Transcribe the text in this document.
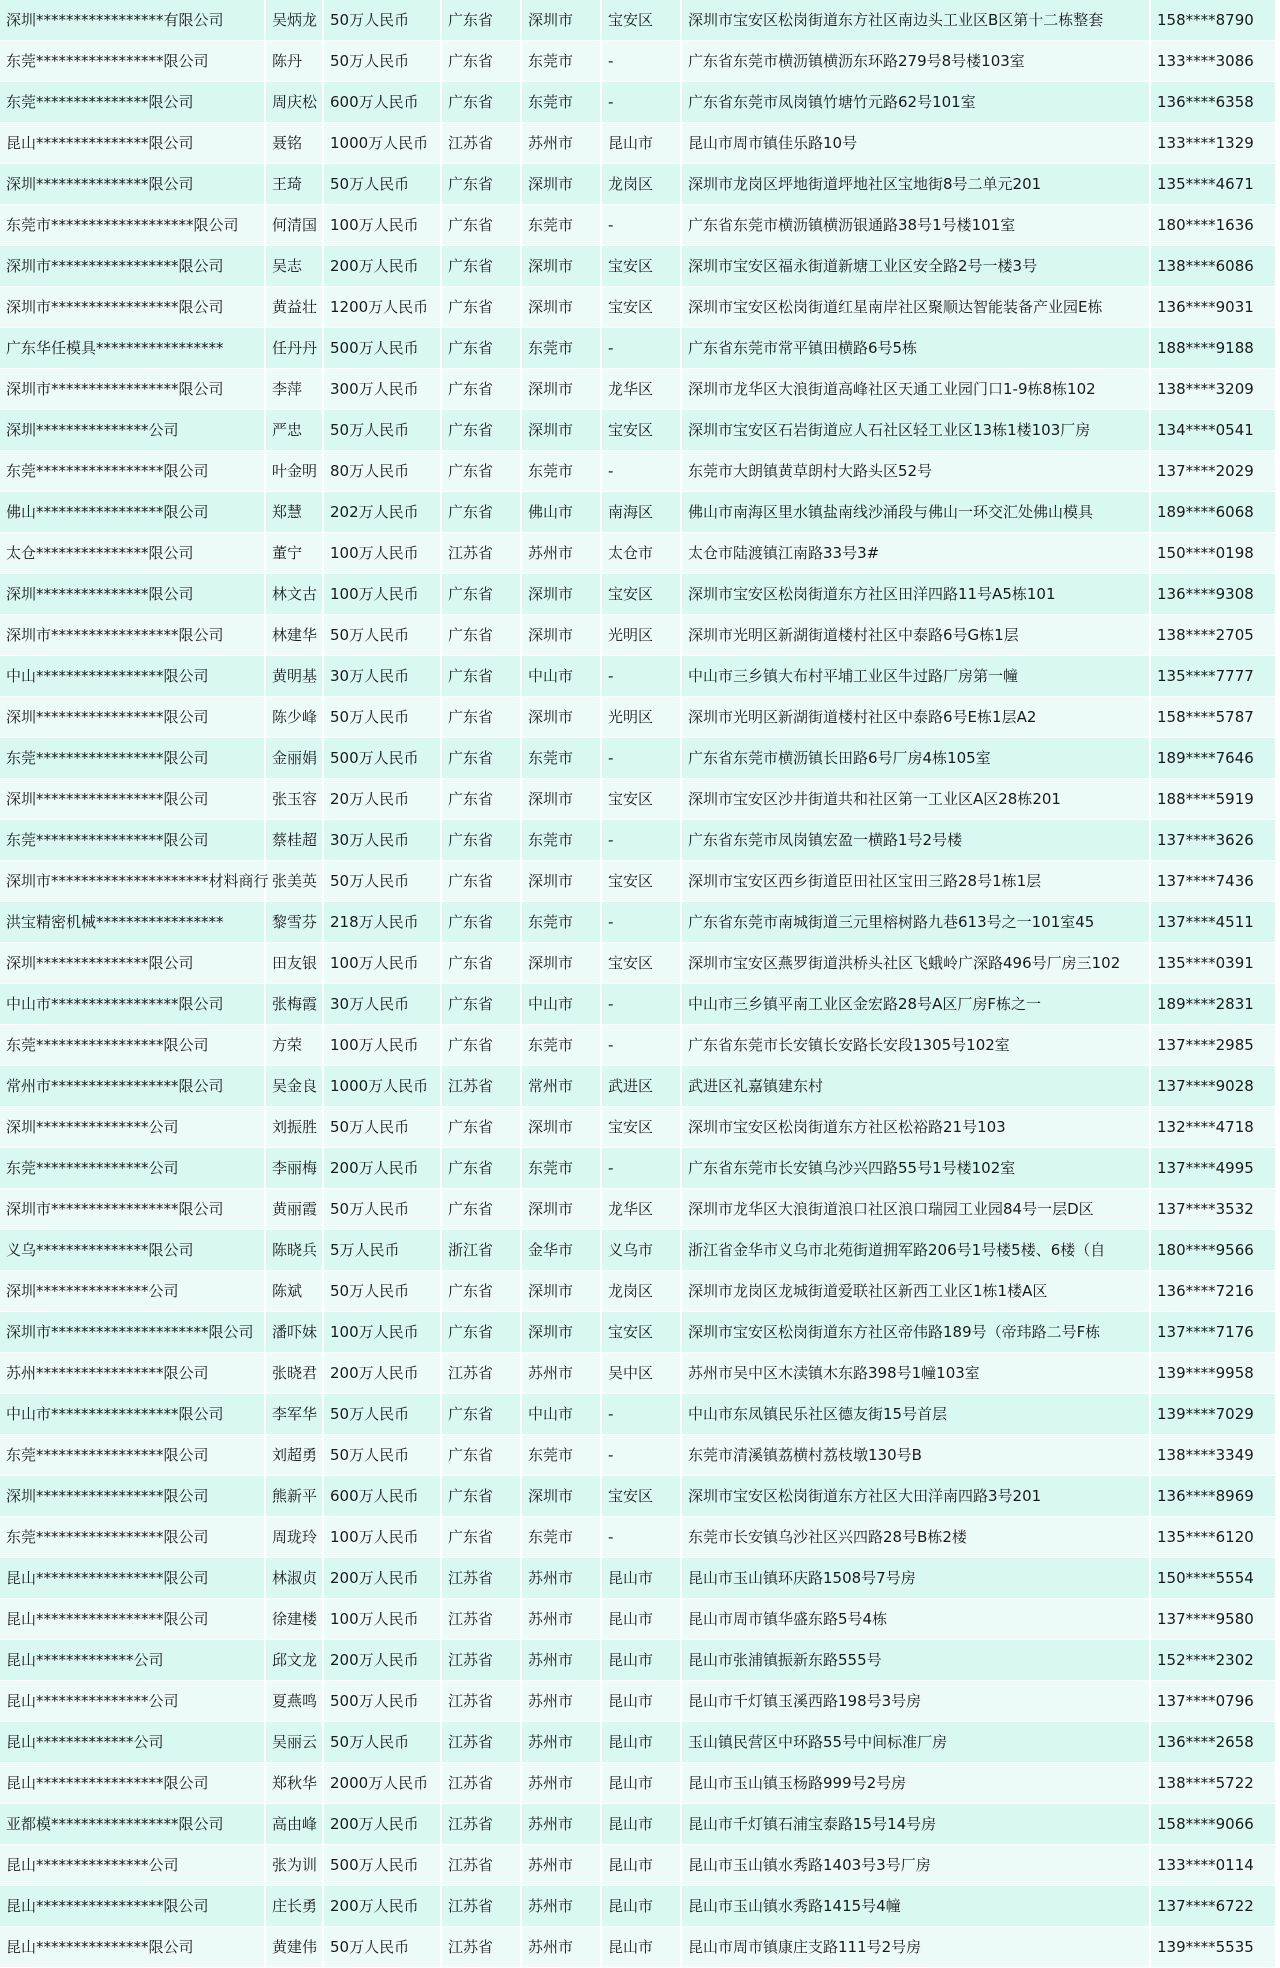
深圳*****************有限公司	吴炳龙 50万人民币	广东省	深圳市	宝安区	深圳市宝安区松岗街道东方社区南边头工业区B区第十二栋整套	158****8790
东莞*****************限公司	陈丹	50万人民币	广东省	东莞市	-	广东省东莞市横沥镇横沥东环路279号8号楼103室	133****3086
东莞***************限公司	周庆松 600万人民币	广东省	东莞市	-	广东省东莞市凤岗镇竹塘竹元路62号101室	136****6358
昆山***************限公司	聂铭	1000万人民币	江苏省	苏州市	昆山市	昆山市周市镇佳乐路10号	133****1329
深圳***************限公司	王琦	50万人民币	广东省	深圳市	龙岗区	深圳市龙岗区坪地街道坪地社区宝地街8号二单元201	135****4671
东莞市*******************限公司	何清国 100万人民币	广东省	东莞市	-	广东省东莞市横沥镇横沥银通路38号1号楼101室	180****1636
深圳市*****************限公司	吴志	200万人民币	广东省	深圳市	宝安区	深圳市宝安区福永街道新塘工业区安全路2号一楼3号	138****6086
深圳市*****************限公司	黄益壮 1200万人民币	广东省	深圳市	宝安区	深圳市宝安区松岗街道红星南岸社区聚顺达智能装备产业园E栋	136****9031
广东华任模具*****************	任丹丹 500万人民币	广东省	东莞市	-	广东省东莞市常平镇田横路6号5栋	188****9188
深圳市*****************限公司	李萍	300万人民币	广东省	深圳市	龙华区	深圳市龙华区大浪街道高峰社区天通工业园门口1-9栋8栋102	138****3209
深圳***************公司	严忠	50万人民币	广东省	深圳市	宝安区	深圳市宝安区石岩街道应人石社区轻工业区13栋1楼103厂房	134****0541
东莞*****************限公司	叶金明 80万人民币	广东省	东莞市	-	东莞市大朗镇黄草朗村大路头区52号	137****2029
佛山*****************限公司	郑慧	202万人民币	广东省	佛山市	南海区	佛山市南海区里水镇盐南线沙涌段与佛山一环交汇处佛山模具	189****6068
太仓***************限公司	董宁	100万人民币	江苏省	苏州市	太仓市	太仓市陆渡镇江南路33号3#	150****0198
深圳***************限公司	林文古 100万人民币	广东省	深圳市	宝安区	深圳市宝安区松岗街道东方社区田洋四路11号A5栋101	136****9308
深圳市*****************限公司	林建华 50万人民币	广东省	深圳市	光明区	深圳市光明区新湖街道楼村社区中泰路6号G栋1层	138****2705
中山*****************限公司	黄明基 30万人民币	广东省	中山市	-	中山市三乡镇大布村平埔工业区牛过路厂房第一幢	135****7777
深圳*****************限公司	陈少峰 50万人民币	广东省	深圳市	光明区	深圳市光明区新湖街道楼村社区中泰路6号E栋1层A2	158****5787
东莞*****************限公司	金丽娟 500万人民币	广东省	东莞市	-	广东省东莞市横沥镇长田路6号厂房4栋105室	189****7646
深圳*****************限公司	张玉容 20万人民币	广东省	深圳市	宝安区	深圳市宝安区沙井街道共和社区第一工业区A区28栋201	188****5919
东莞*****************限公司	蔡桂超 30万人民币	广东省	东莞市	-	广东省东莞市凤岗镇宏盈一横路1号2号楼	137****3626
深圳市*********************材料商行 张美英 50万人民币	广东省	深圳市	宝安区	深圳市宝安区西乡街道臣田社区宝田三路28号1栋1层	137****7436
洪宝精密机械*****************	黎雪芬 218万人民币	广东省	东莞市	-	广东省东莞市南城街道三元里榕树路九巷613号之一101室45	137****4511
深圳***************限公司	田友银 100万人民币	广东省	深圳市	宝安区	深圳市宝安区燕罗街道洪桥头社区飞蛾岭广深路496号厂房三102	135****0391
中山市*****************限公司	张梅霞 30万人民币	广东省	中山市	-	中山市三乡镇平南工业区金宏路28号A区厂房F栋之一	189****2831
东莞*****************限公司	方荣	100万人民币	广东省	东莞市	-	广东省东莞市长安镇长安路长安段1305号102室	137****2985
常州市*****************限公司	吴金良 1000万人民币	江苏省	常州市	武进区	武进区礼嘉镇建东村	137****9028
深圳***************公司	刘振胜 50万人民币	广东省	深圳市	宝安区	深圳市宝安区松岗街道东方社区松裕路21号103	132****4718
东莞***************公司	李丽梅 200万人民币	广东省	东莞市	-	广东省东莞市长安镇乌沙兴四路55号1号楼102室	137****4995
深圳市*****************限公司	黄丽霞 50万人民币	广东省	深圳市	龙华区	深圳市龙华区大浪街道浪口社区浪口瑞园工业园84号一层D区	137****3532
义乌***************限公司	陈晓兵 5万人民币	浙江省	金华市	义乌市	浙江省金华市义乌市北苑街道拥军路206号1号楼5楼、6楼（自	180****9566
深圳***************公司	陈斌	50万人民币	广东省	深圳市	龙岗区	深圳市龙岗区龙城街道爱联社区新西工业区1栋1楼A区	136****7216
深圳市*********************限公司	潘吓妹 100万人民币	广东省	深圳市	宝安区	深圳市宝安区松岗街道东方社区帝伟路189号（帝玮路二号F栋	137****7176
苏州*****************限公司	张晓君 200万人民币	江苏省	苏州市	吴中区	苏州市吴中区木渎镇木东路398号1幢103室	139****9958
中山市*****************限公司	李军华 50万人民币	广东省	中山市	-	中山市东凤镇民乐社区德友街15号首层	139****7029
东莞*****************限公司	刘超勇 50万人民币	广东省	东莞市	-	东莞市清溪镇荔横村荔枝墩130号B	138****3349
深圳*****************限公司	熊新平 600万人民币	广东省	深圳市	宝安区	深圳市宝安区松岗街道东方社区大田洋南四路3号201	136****8969
东莞*****************限公司	周珑玲 100万人民币	广东省	东莞市	-	东莞市长安镇乌沙社区兴四路28号B栋2楼	135****6120
昆山*****************限公司	林淑贞 200万人民币	江苏省	苏州市	昆山市	昆山市玉山镇环庆路1508号7号房	150****5554
昆山*****************限公司	徐建楼 100万人民币	江苏省	苏州市	昆山市	昆山市周市镇华盛东路5号4栋	137****9580
昆山*************公司	邱文龙 200万人民币	江苏省	苏州市	昆山市	昆山市张浦镇振新东路555号	152****2302
昆山***************公司	夏燕鸣 500万人民币	江苏省	苏州市	昆山市	昆山市千灯镇玉溪西路198号3号房	137****0796
昆山*************公司	吴丽云 50万人民币	江苏省	苏州市	昆山市	玉山镇民营区中环路55号中间标准厂房	136****2658
昆山*****************限公司	郑秋华 2000万人民币	江苏省	苏州市	昆山市	昆山市玉山镇玉杨路999号2号房	138****5722
亚都模*****************限公司	高由峰 200万人民币	江苏省	苏州市	昆山市	昆山市千灯镇石浦宝泰路15号14号房	158****9066
昆山***************公司	张为训 500万人民币	江苏省	苏州市	昆山市	昆山市玉山镇水秀路1403号3号厂房	133****0114
昆山*****************限公司	庄长勇 200万人民币	江苏省	苏州市	昆山市	昆山市玉山镇水秀路1415号4幢	137****6722
昆山***************限公司	黄建伟 50万人民币	江苏省	苏州市	昆山市	昆山市周市镇康庄支路111号2号房	139****5535
